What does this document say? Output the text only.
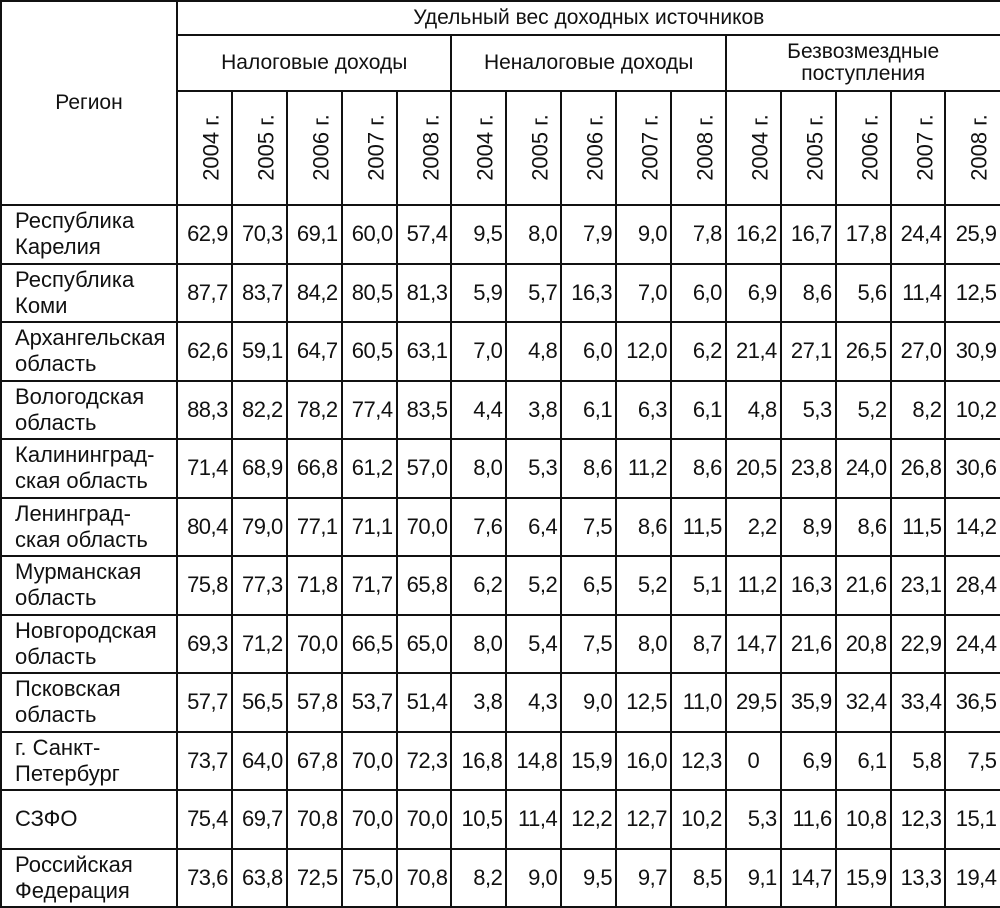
Регион	Удельный вес доходных источников														
	Налоговые доходы					Неналоговые доходы					Безвозмездные
поступления				
	2004 г.	2005 г.	2006 г.	2007 г.	2008 г.	2004 г.	2005 г.	2006 г.	2007 г.	2008 г.	2004 г.	2005 г.	2006 г.	2007 г.	2008 г.
Республика
Карелия	62,9	70,3	69,1	60,0	57,4	9,5	8,0	7,9	9,0	7,8	16,2	16,7	17,8	24,4	25,9
Республика
Коми	87,7	83,7	84,2	80,5	81,3	5,9	5,7	16,3	7,0	6,0	6,9	8,6	5,6	11,4	12,5
Архангельская
область	62,6	59,1	64,7	60,5	63,1	7,0	4,8	6,0	12,0	6,2	21,4	27,1	26,5	27,0	30,9
Вологодская
область	88,3	82,2	78,2	77,4	83,5	4,4	3,8	6,1	6,3	6,1	4,8	5,3	5,2	8,2	10,2
Калининград-
ская область	71,4	68,9	66,8	61,2	57,0	8,0	5,3	8,6	11,2	8,6	20,5	23,8	24,0	26,8	30,6
Ленинград-
ская область	80,4	79,0	77,1	71,1	70,0	7,6	6,4	7,5	8,6	11,5	2,2	8,9	8,6	11,5	14,2
Мурманская
область	75,8	77,3	71,8	71,7	65,8	6,2	5,2	6,5	5,2	5,1	11,2	16,3	21,6	23,1	28,4
Новгородская
область	69,3	71,2	70,0	66,5	65,0	8,0	5,4	7,5	8,0	8,7	14,7	21,6	20,8	22,9	24,4
Псковская
область	57,7	56,5	57,8	53,7	51,4	3,8	4,3	9,0	12,5	11,0	29,5	35,9	32,4	33,4	36,5
г. Санкт-
Петербург	73,7	64,0	67,8	70,0	72,3	16,8	14,8	15,9	16,0	12,3	0	6,9	6,1	5,8	7,5
СЗФО	75,4	69,7	70,8	70,0	70,0	10,5	11,4	12,2	12,7	10,2	5,3	11,6	10,8	12,3	15,1
Российская
Федерация	73,6	63,8	72,5	75,0	70,8	8,2	9,0	9,5	9,7	8,5	9,1	14,7	15,9	13,3	19,4
